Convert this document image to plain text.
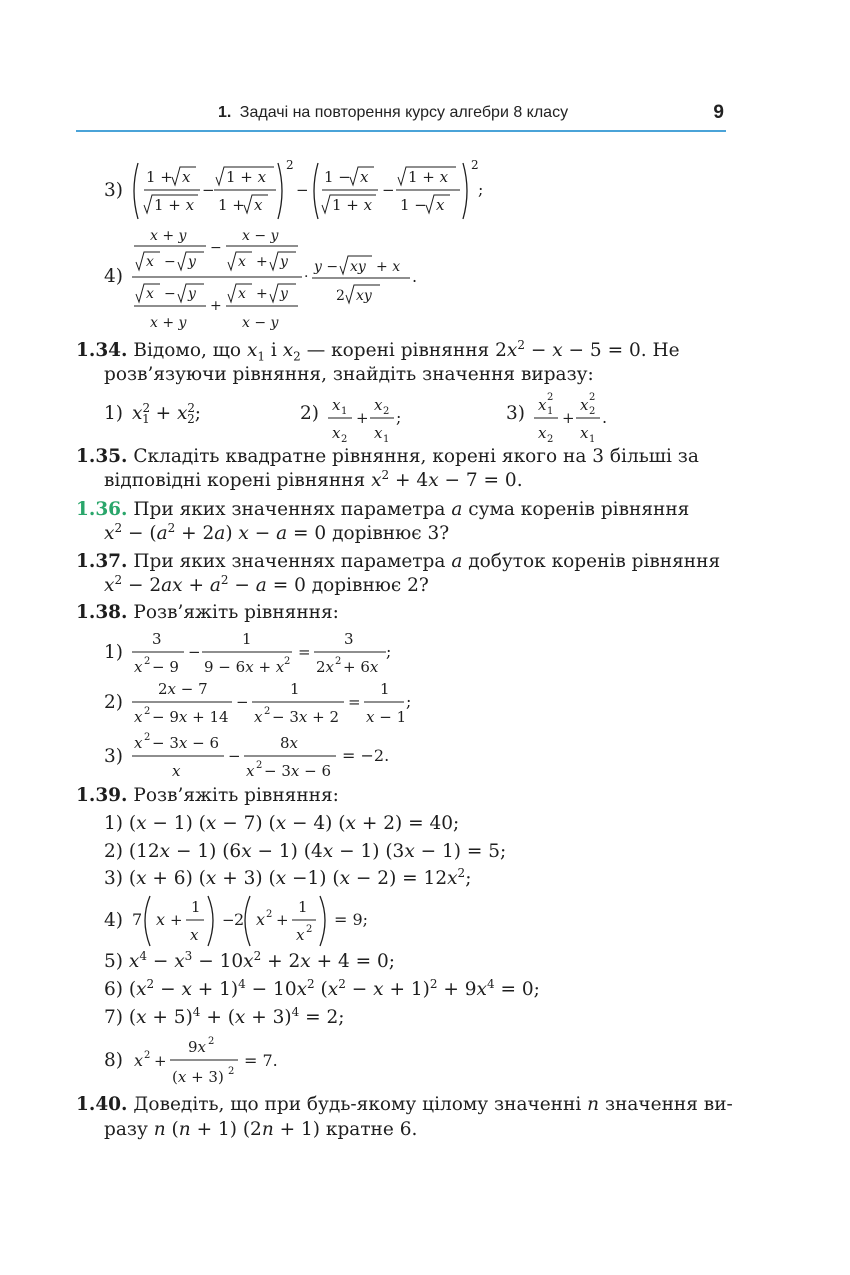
1. Задачі на повторення курсу алгебри 8 класу	9
3)
2
1 + x
1 + x
−
1 + x
1 + x
−
2
;
1 − x
1 + x
−
1 + x
1 − x
4)
x + y
x − y
−
x − y
x + y
x − y
x + y
+
x + y
x − y
·
y − xy + x
2 xy
.
1.34. Відомо, що $x_1$ і $x_2$ — корені рівняння $2x^2 - x - 5 = 0$. Не
розв’язуючи рівняння, знайдіть значення виразу:
1) $x^2_1 + x^2_2$;	2) x 1
x 2
+
x 2
x 1
;	3) x 2
1
x 2
+
x 2
2
x 1
.
1.35. Складіть квадратне рівняння, корені якого на 3 більші за
відповідні корені рівняння $x^2 + 4x - 7 = 0$.
1.36. При яких значеннях параметра a сума коренів рівняння
$x^2 - (a^2 + 2a) x - a = 0$ дорівнює 3?
1.37. При яких значеннях параметра a добуток коренів рівняння
$x^2 - 2ax + a^2 - a = 0$ дорівнює 2?
1.38. Розв’яжіть рівняння:
1)
3
x 2 − 9
−
1
9 − 6x + x 2
=
3
2x 2 + 6x
;
2)
2x − 7
x 2 − 9x + 14
−
1
x 2 − 3x + 2
=
1
x − 1
;
3)
x 2 − 3x − 6
x
−
8x
x 2 − 3x − 6
= −2.
1.39. Розв’яжіть рівняння:
1) (x − 1) (x − 7) (x − 4) (x + 2) = 40;
2) (12x − 1) (6x − 1) (4x − 1) (3x − 1) = 5;
3) (x + 6) (x + 3) (x −1) $(x - 2) = 12x^2$;
4) 7 x +
1
x
− 2 x 2 +
1
x 2
= 9;
5) $x^4 - x^3 - 10x^2 + 2x + 4 = 0$;
6) $(x^2 - x + 1)^4 - 10x^2$ $(x^2 - x + 1)^2 + 9x^4 = 0$;
7) $(x + 5)^4 + (x + 3)^4 = 2$;
8) x 2 +
9x 2
(x + 3) 2
= 7.
1.40. Доведіть, що при будь-якому цілому значенні n значення ви-
разу n (n + 1) (2n + 1) кратне 6.
